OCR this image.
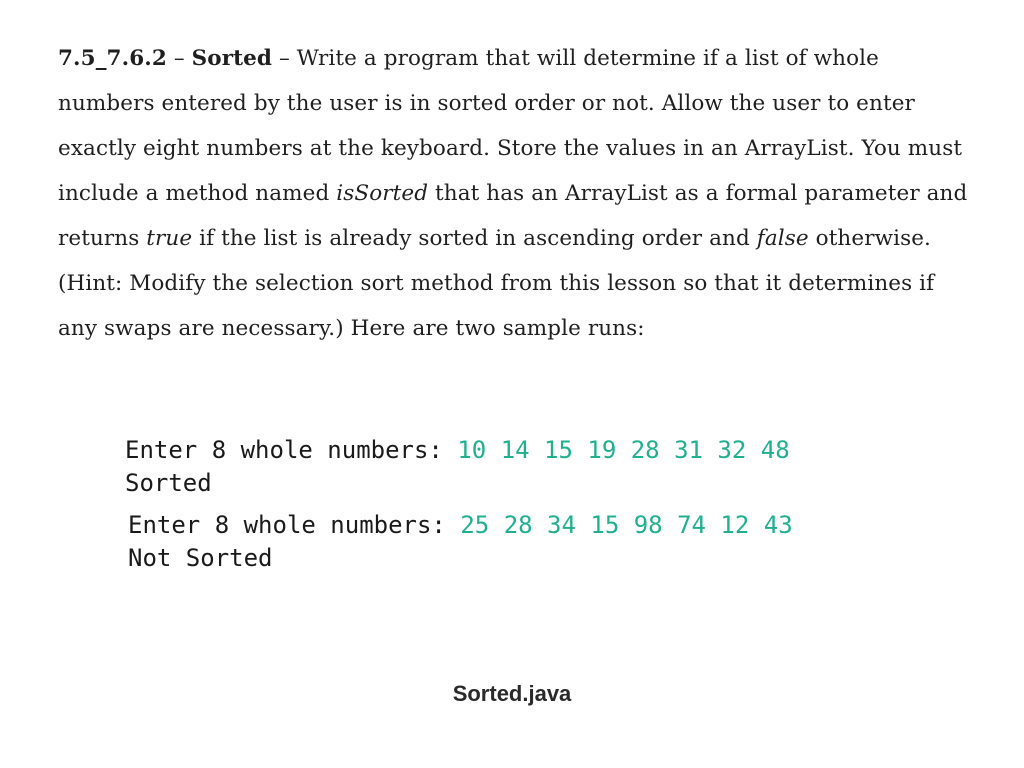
7.5_7.6.2 – Sorted – Write a program that will determine if a list of whole numbers entered by the user is in sorted order or not. Allow the user to enter exactly eight numbers at the keyboard. Store the values in an ArrayList. You must include a method named isSorted that has an ArrayList as a formal parameter and returns true if the list is already sorted in ascending order and false otherwise. (Hint: Modify the selection sort method from this lesson so that it determines if any swaps are necessary.) Here are two sample runs:

Enter 8 whole numbers: 10 14 15 19 28 31 32 48
Sorted
Enter 8 whole numbers: 25 28 34 15 98 74 12 43
Not Sorted
Sorted.java
